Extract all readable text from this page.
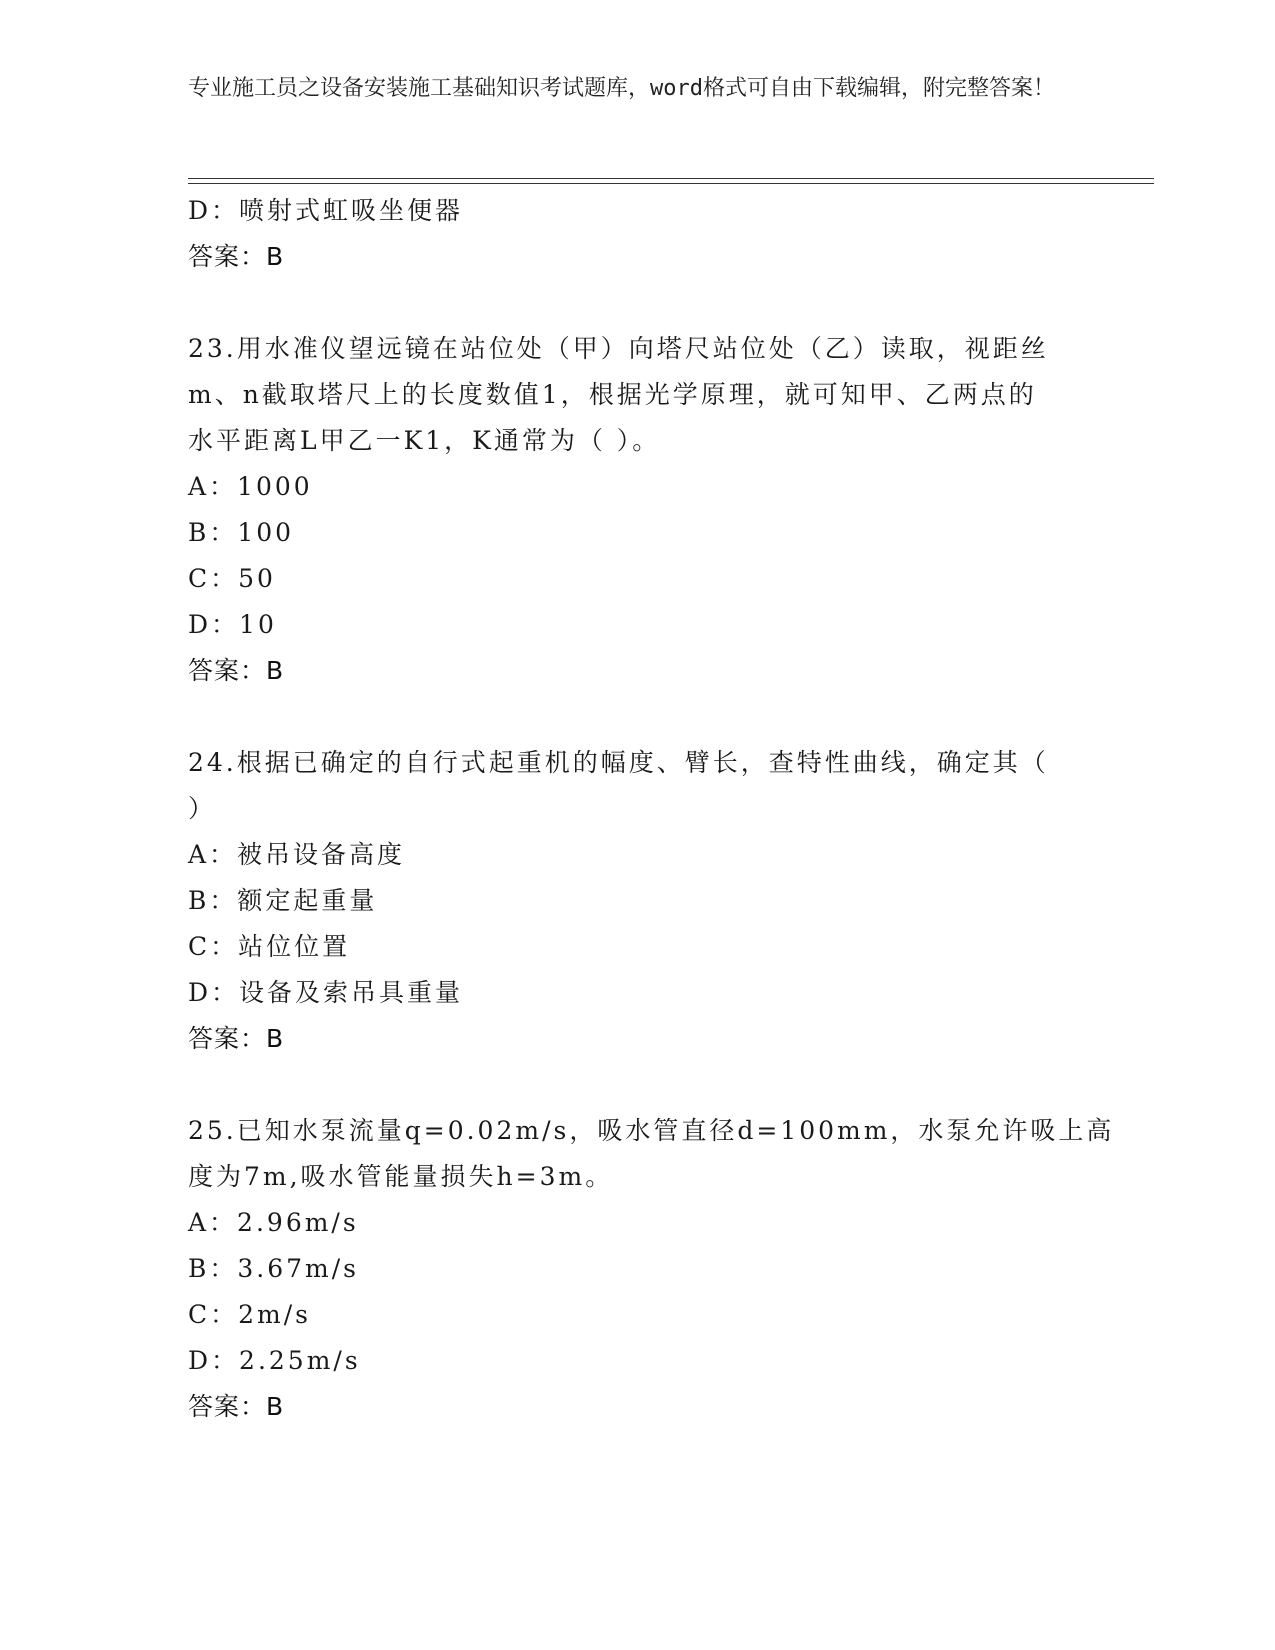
专业施工员之设备安装施工基础知识考试题库，word格式可自由下载编辑，附完整答案！
D：喷射式虹吸坐便器
答案：B
23.用水准仪望远镜在站位处（甲）向塔尺站位处（乙）读取，视距丝
m、n截取塔尺上的长度数值1，根据光学原理，就可知甲、乙两点的
水平距离L甲乙一K1，K通常为（ ）。
A：1000
B：100
C：50
D：10
答案：B
24.根据已确定的自行式起重机的幅度、臂长，查特性曲线，确定其（
）
A：被吊设备高度
B：额定起重量
C：站位位置
D：设备及索吊具重量
答案：B
25.已知水泵流量q=0.02m/s，吸水管直径d=100mm，水泵允许吸上高
度为7m,吸水管能量损失h=3m。
A：2.96m/s
B：3.67m/s
C：2m/s
D：2.25m/s
答案：B
